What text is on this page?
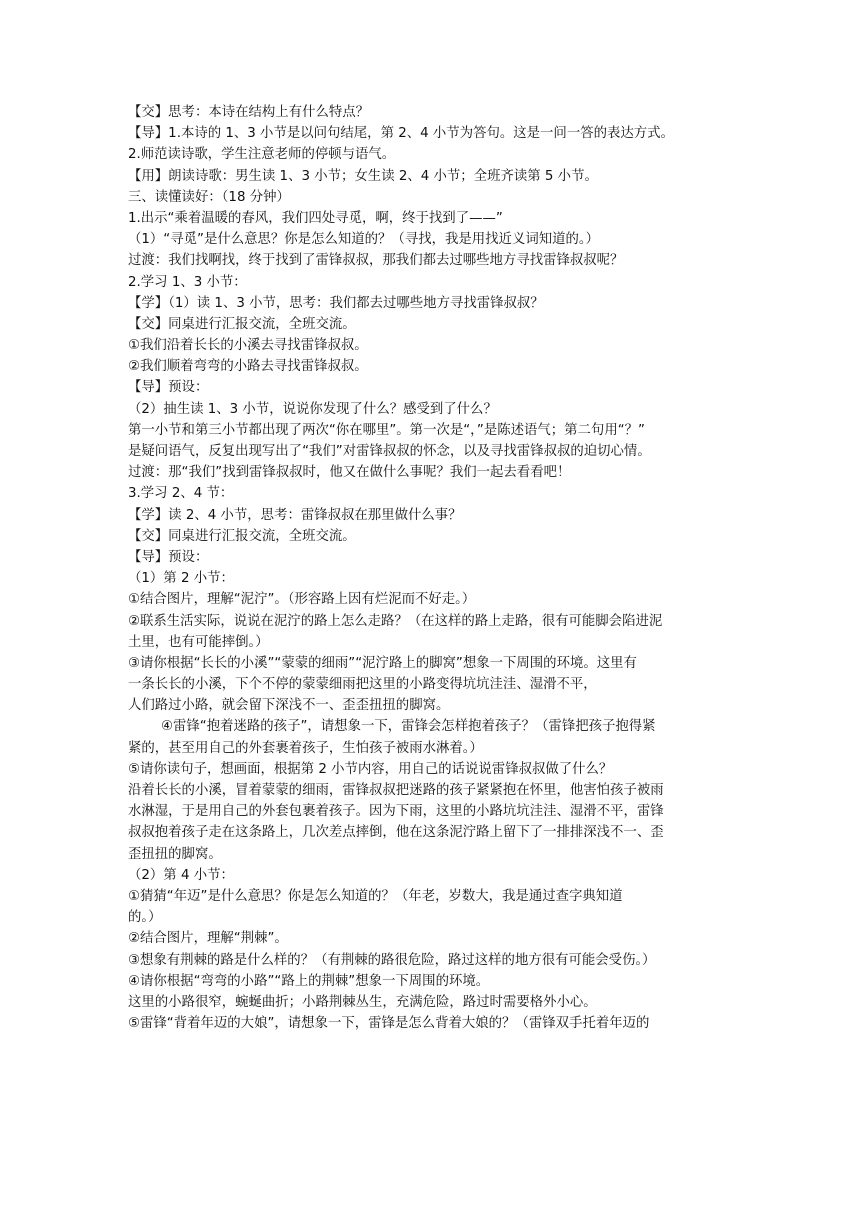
【交】思考：本诗在结构上有什么特点？
【导】1.本诗的 1、3 小节是以问句结尾，第 2、4 小节为答句。这是一问一答的表达方式。
2.师范读诗歌，学生注意老师的停顿与语气。
【用】朗读诗歌：男生读 1、3 小节；女生读 2、4 小节；全班齐读第 5 小节。
三、读懂读好：（18 分钟）
1.出示“乘着温暖的春风，我们四处寻觅，啊，终于找到了——”
（1）“寻觅”是什么意思？你是怎么知道的？（寻找，我是用找近义词知道的。）
过渡：我们找啊找，终于找到了雷锋叔叔，那我们都去过哪些地方寻找雷锋叔叔呢？
2.学习 1、3 小节：
【学】（1）读 1、3 小节，思考：我们都去过哪些地方寻找雷锋叔叔？
【交】同桌进行汇报交流，全班交流。
①我们沿着长长的小溪去寻找雷锋叔叔。
②我们顺着弯弯的小路去寻找雷锋叔叔。
【导】预设：
（2）抽生读 1、3 小节，说说你发现了什么？感受到了什么？
第一小节和第三小节都出现了两次“你在哪里”。第一次是“，”是陈述语气；第二句用“？”
是疑问语气，反复出现写出了“我们”对雷锋叔叔的怀念，以及寻找雷锋叔叔的迫切心情。
过渡：那“我们”找到雷锋叔叔时，他又在做什么事呢？我们一起去看看吧！
3.学习 2、4 节：
【学】读 2、4 小节，思考：雷锋叔叔在那里做什么事？
【交】同桌进行汇报交流，全班交流。
【导】预设：
（1）第 2 小节：
①结合图片，理解“泥泞”。（形容路上因有烂泥而不好走。）
②联系生活实际，说说在泥泞的路上怎么走路？（在这样的路上走路，很有可能脚会陷进泥
土里，也有可能摔倒。）
③请你根据“长长的小溪”“蒙蒙的细雨”“泥泞路上的脚窝”想象一下周围的环境。这里有
一条长长的小溪，下个不停的蒙蒙细雨把这里的小路变得坑坑洼洼、湿滑不平，
人们路过小路，就会留下深浅不一、歪歪扭扭的脚窝。
④雷锋“抱着迷路的孩子”，请想象一下，雷锋会怎样抱着孩子？（雷锋把孩子抱得紧
紧的，甚至用自己的外套裹着孩子，生怕孩子被雨水淋着。）
⑤请你读句子，想画面，根据第 2 小节内容，用自己的话说说雷锋叔叔做了什么？
沿着长长的小溪，冒着蒙蒙的细雨，雷锋叔叔把迷路的孩子紧紧抱在怀里，他害怕孩子被雨
水淋湿，于是用自己的外套包裹着孩子。因为下雨，这里的小路坑坑洼洼、湿滑不平，雷锋
叔叔抱着孩子走在这条路上，几次差点摔倒，他在这条泥泞路上留下了一排排深浅不一、歪
歪扭扭的脚窝。
（2）第 4 小节：
①猜猜“年迈”是什么意思？你是怎么知道的？（年老，岁数大，我是通过查字典知道
的。）
②结合图片，理解“荆棘”。
③想象有荆棘的路是什么样的？（有荆棘的路很危险，路过这样的地方很有可能会受伤。）
④请你根据“弯弯的小路”“路上的荆棘”想象一下周围的环境。
这里的小路很窄，蜿蜒曲折；小路荆棘丛生，充满危险，路过时需要格外小心。
⑤雷锋“背着年迈的大娘”，请想象一下，雷锋是怎么背着大娘的？（雷锋双手托着年迈的
